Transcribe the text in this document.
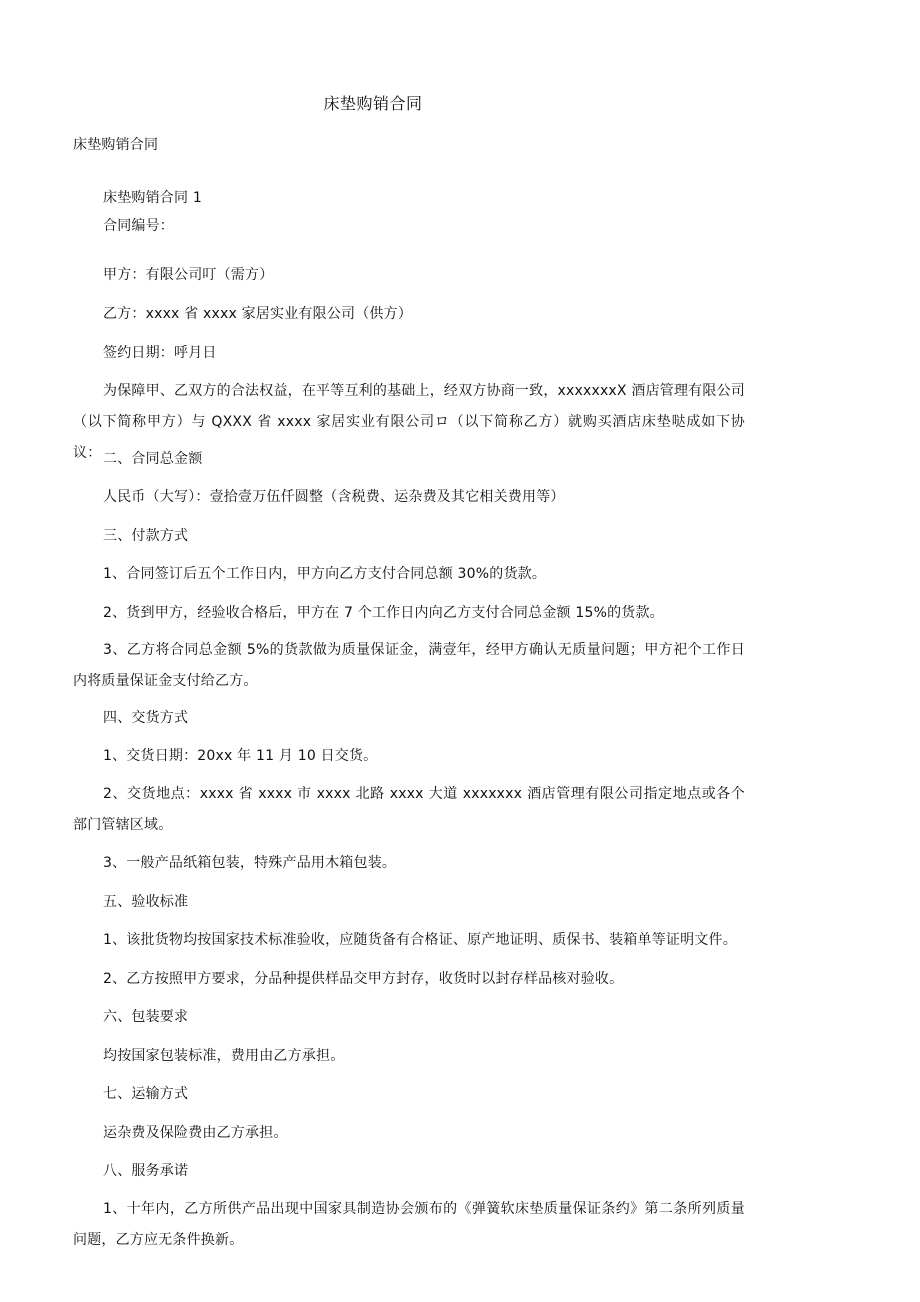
床垫购销合同
床垫购销合同
床垫购销合同 1
合同编号：
甲方：有限公司叮（需方）
乙方：xxxx 省 xxxx 家居实业有限公司（供方）
签约日期：呼月日
为保障甲、乙双方的合法权益，在平等互利的基础上，经双方协商一致，xxxxxxxX 酒店管理有限公司（以下简称甲方）与 QXXX 省 xxxx 家居实业有限公司ロ（以下简称乙方）就购买酒店床垫哒成如下协议： 二、合同总金额
人民币（大写）：壹拾壹万伍仟圆整（含税费、运杂费及其它相关费用等）
三、付款方式
1、合同签订后五个工作日内，甲方向乙方支付合同总额 30%的货款。
2、货到甲方，经验收合格后，甲方在 7 个工作日内向乙方支付合同总金额 15%的货款。
3、乙方将合同总金额 5%的货款做为质量保证金，满壹年，经甲方确认无质量问题；甲方祀个工作日内将质量保证金支付给乙方。
四、交货方式
1、交货日期：20xx 年 11 月 10 日交货。
2、交货地点：xxxx 省 xxxx 市 xxxx 北路 xxxx 大道 xxxxxxx 酒店管理有限公司指定地点或各个部门管辖区域。
3、一般产品纸箱包装，特殊产品用木箱包装。
五、验收标准
1、该批货物均按国家技术标准验收，应随货备有合格证、原产地证明、质保书、装箱单等证明文件。
2、乙方按照甲方要求，分品种提供样品交甲方封存，收货时以封存样品核对验收。
六、包装要求
均按国家包装标准，费用由乙方承担。
七、运输方式
运杂费及保险费由乙方承担。
八、服务承诺
1、十年内，乙方所供产品出现中国家具制造协会颁布的《弹簧软床垫质量保证条约》第二条所列质量问题，乙方应无条件换新。
